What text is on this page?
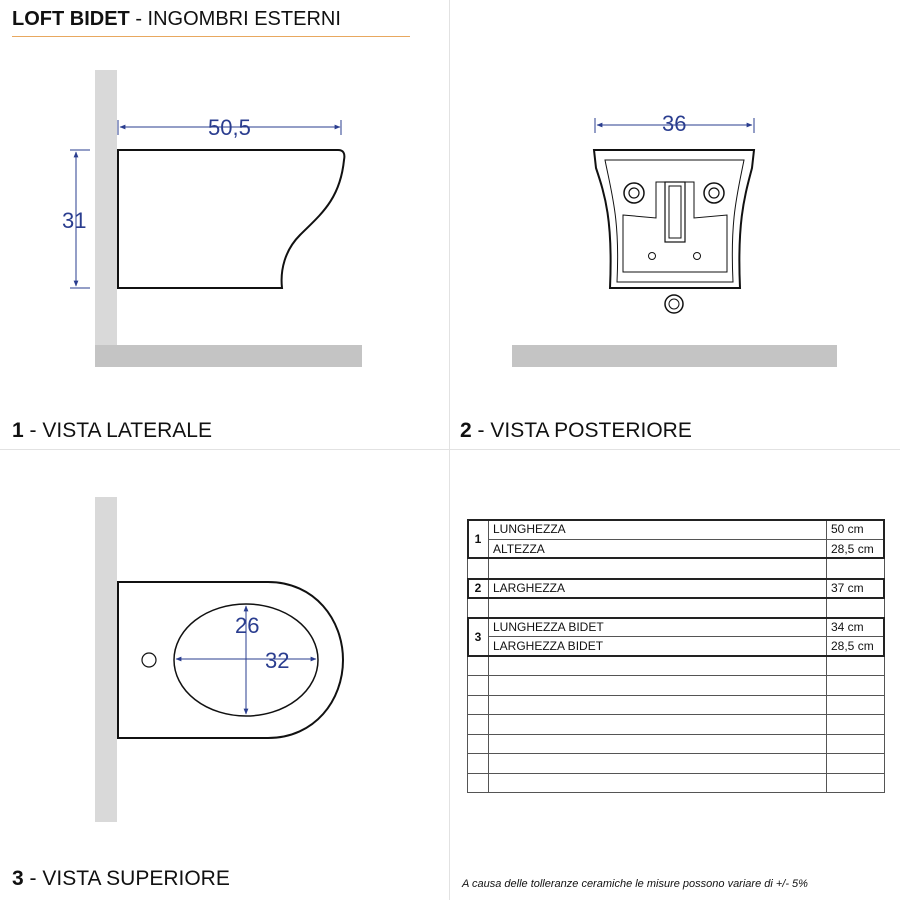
LOFT BIDET - INGOMBRI ESTERNI
50,5
31
36
26
32
1 - VISTA LATERALE	2 - VISTA POSTERIORE
3 - VISTA SUPERIORE
1	LUNGHEZZA	50 cm
	ALTEZZA	28,5 cm

2	LARGHEZZA	37 cm

3	LUNGHEZZA BIDET	34 cm
	LARGHEZZA BIDET	28,5 cm

A causa delle tolleranze ceramiche le misure possono variare di +/- 5%
